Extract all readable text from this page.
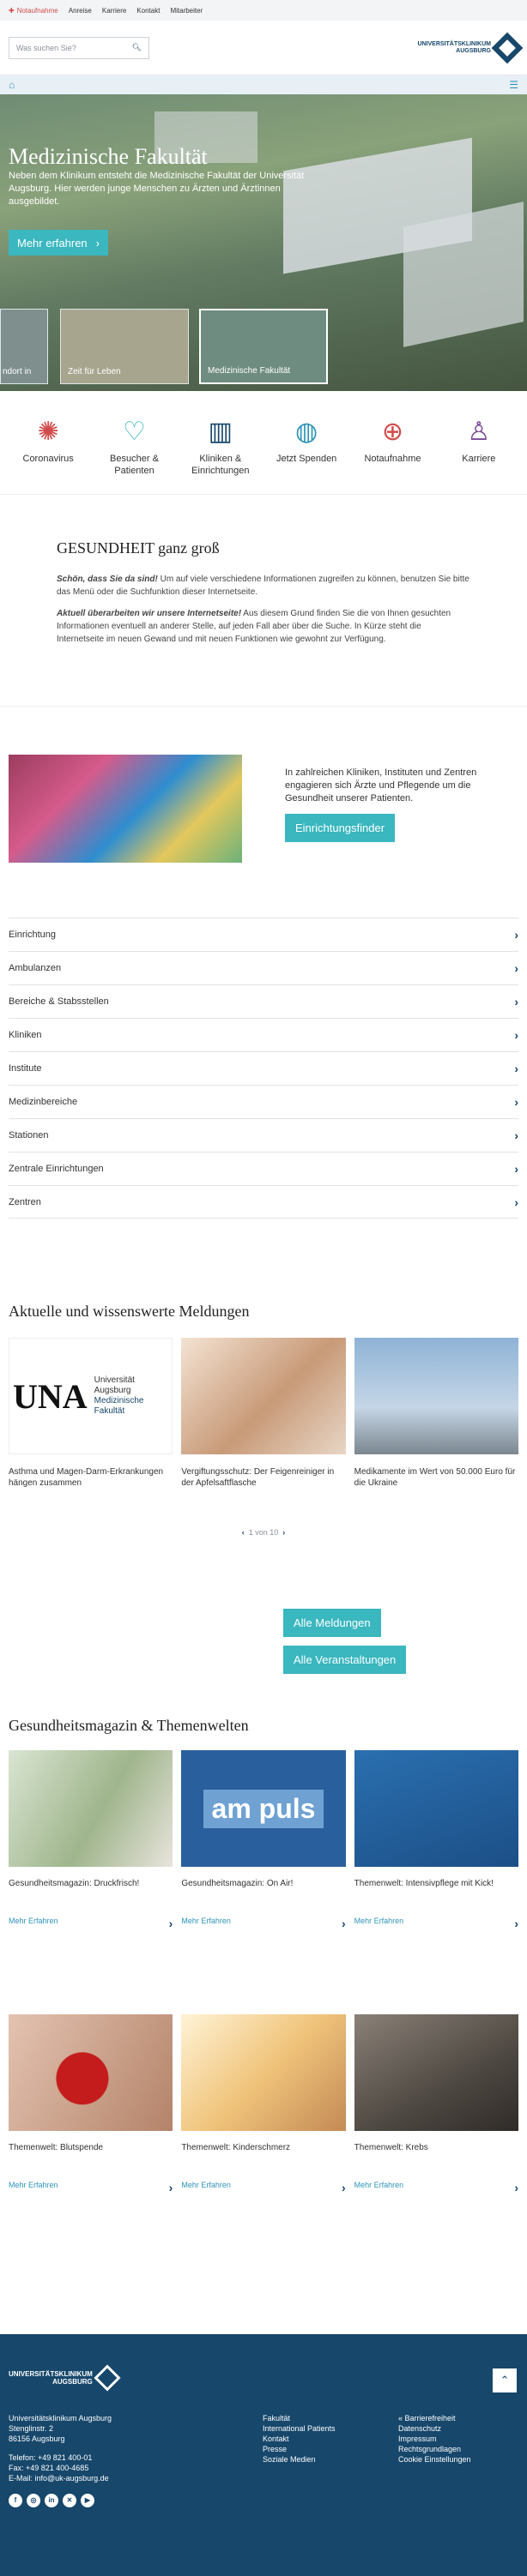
✚ Notaufnahme Anreise Karriere Kontakt Mitarbeiter
Was suchen Sie?	🔍︎	UNIVERSITÄTSKLINIKUM
AUGSBURG
⌂	☰
Medizinische Fakultät

Neben dem Klinikum entsteht die Medizinische Fakultät der Universität Augsburg. Hier werden junge Menschen zu Ärzten und Ärztinnen ausgebildet.

Mehr erfahren ›
ndort in	Zeit für Leben	Medizinische Fakultät
✺
Coronavirus
♡
Besucher & Patienten
▥
Kliniken & Einrichtungen
◍
Jetzt Spenden
⊕
Notaufnahme
♙
Karriere
GESUNDHEIT ganz groß

Schön, dass Sie da sind! Um auf viele verschiedene Informationen zugreifen zu können, benutzen Sie bitte das Menü oder die Suchfunktion dieser Internetseite.

Aktuell überarbeiten wir unsere Internetseite! Aus diesem Grund finden Sie die von Ihnen gesuchten Informationen eventuell an anderer Stelle, auf jeden Fall aber über die Suche. In Kürze steht die Internetseite im neuen Gewand und mit neuen Funktionen wie gewohnt zur Verfügung.

In zahlreichen Kliniken, Instituten und Zentren engagieren sich Ärzte und Pflegende um die Gesundheit unserer Patienten.
Einrichtungsfinder
Einrichtung	›
Ambulanzen	›
Bereiche & Stabsstellen	›
Kliniken	›
Institute	›
Medizinbereiche	›
Stationen	›
Zentrale Einrichtungen	›
Zentren	›
Aktuelle und wissenswerte Meldungen
UNA Universität Augsburg
Medizinische Fakultät
Asthma und Magen-Darm-Erkrankungen hängen zusammen
Vergiftungsschutz: Der Feigenreiniger in der Apfelsaftflasche
Medikamente im Wert von 50.000 Euro für die Ukraine
‹ 1 von 10 ›
Alle Meldungen
Alle Veranstaltungen
Gesundheitsmagazin & Themenwelten
Gesundheitsmagazin: Druckfrisch!
Mehr Erfahren	›
am puls
Gesundheitsmagazin: On Air!
Mehr Erfahren	›
Themenwelt: Intensivpflege mit Kick!
Mehr Erfahren	›
Themenwelt: Blutspende
Mehr Erfahren	›
Themenwelt: Kinderschmerz
Mehr Erfahren	›
Themenwelt: Krebs
Mehr Erfahren	›
⌃
UNIVERSITÄTSKLINIKUM
AUGSBURG
Universitätsklinikum Augsburg
Stenglinstr. 2
86156 Augsburg
Telefon: +49 821 400-01
Fax: +49 821 400-4685
E-Mail: info@uk-augsburg.de
f	◎	in	✕	▶
Fakultät
International Patients
Kontakt
Presse
Soziale Medien
« Barrierefreiheit
Datenschutz
Impressum
Rechtsgrundlagen
Cookie Einstellungen
